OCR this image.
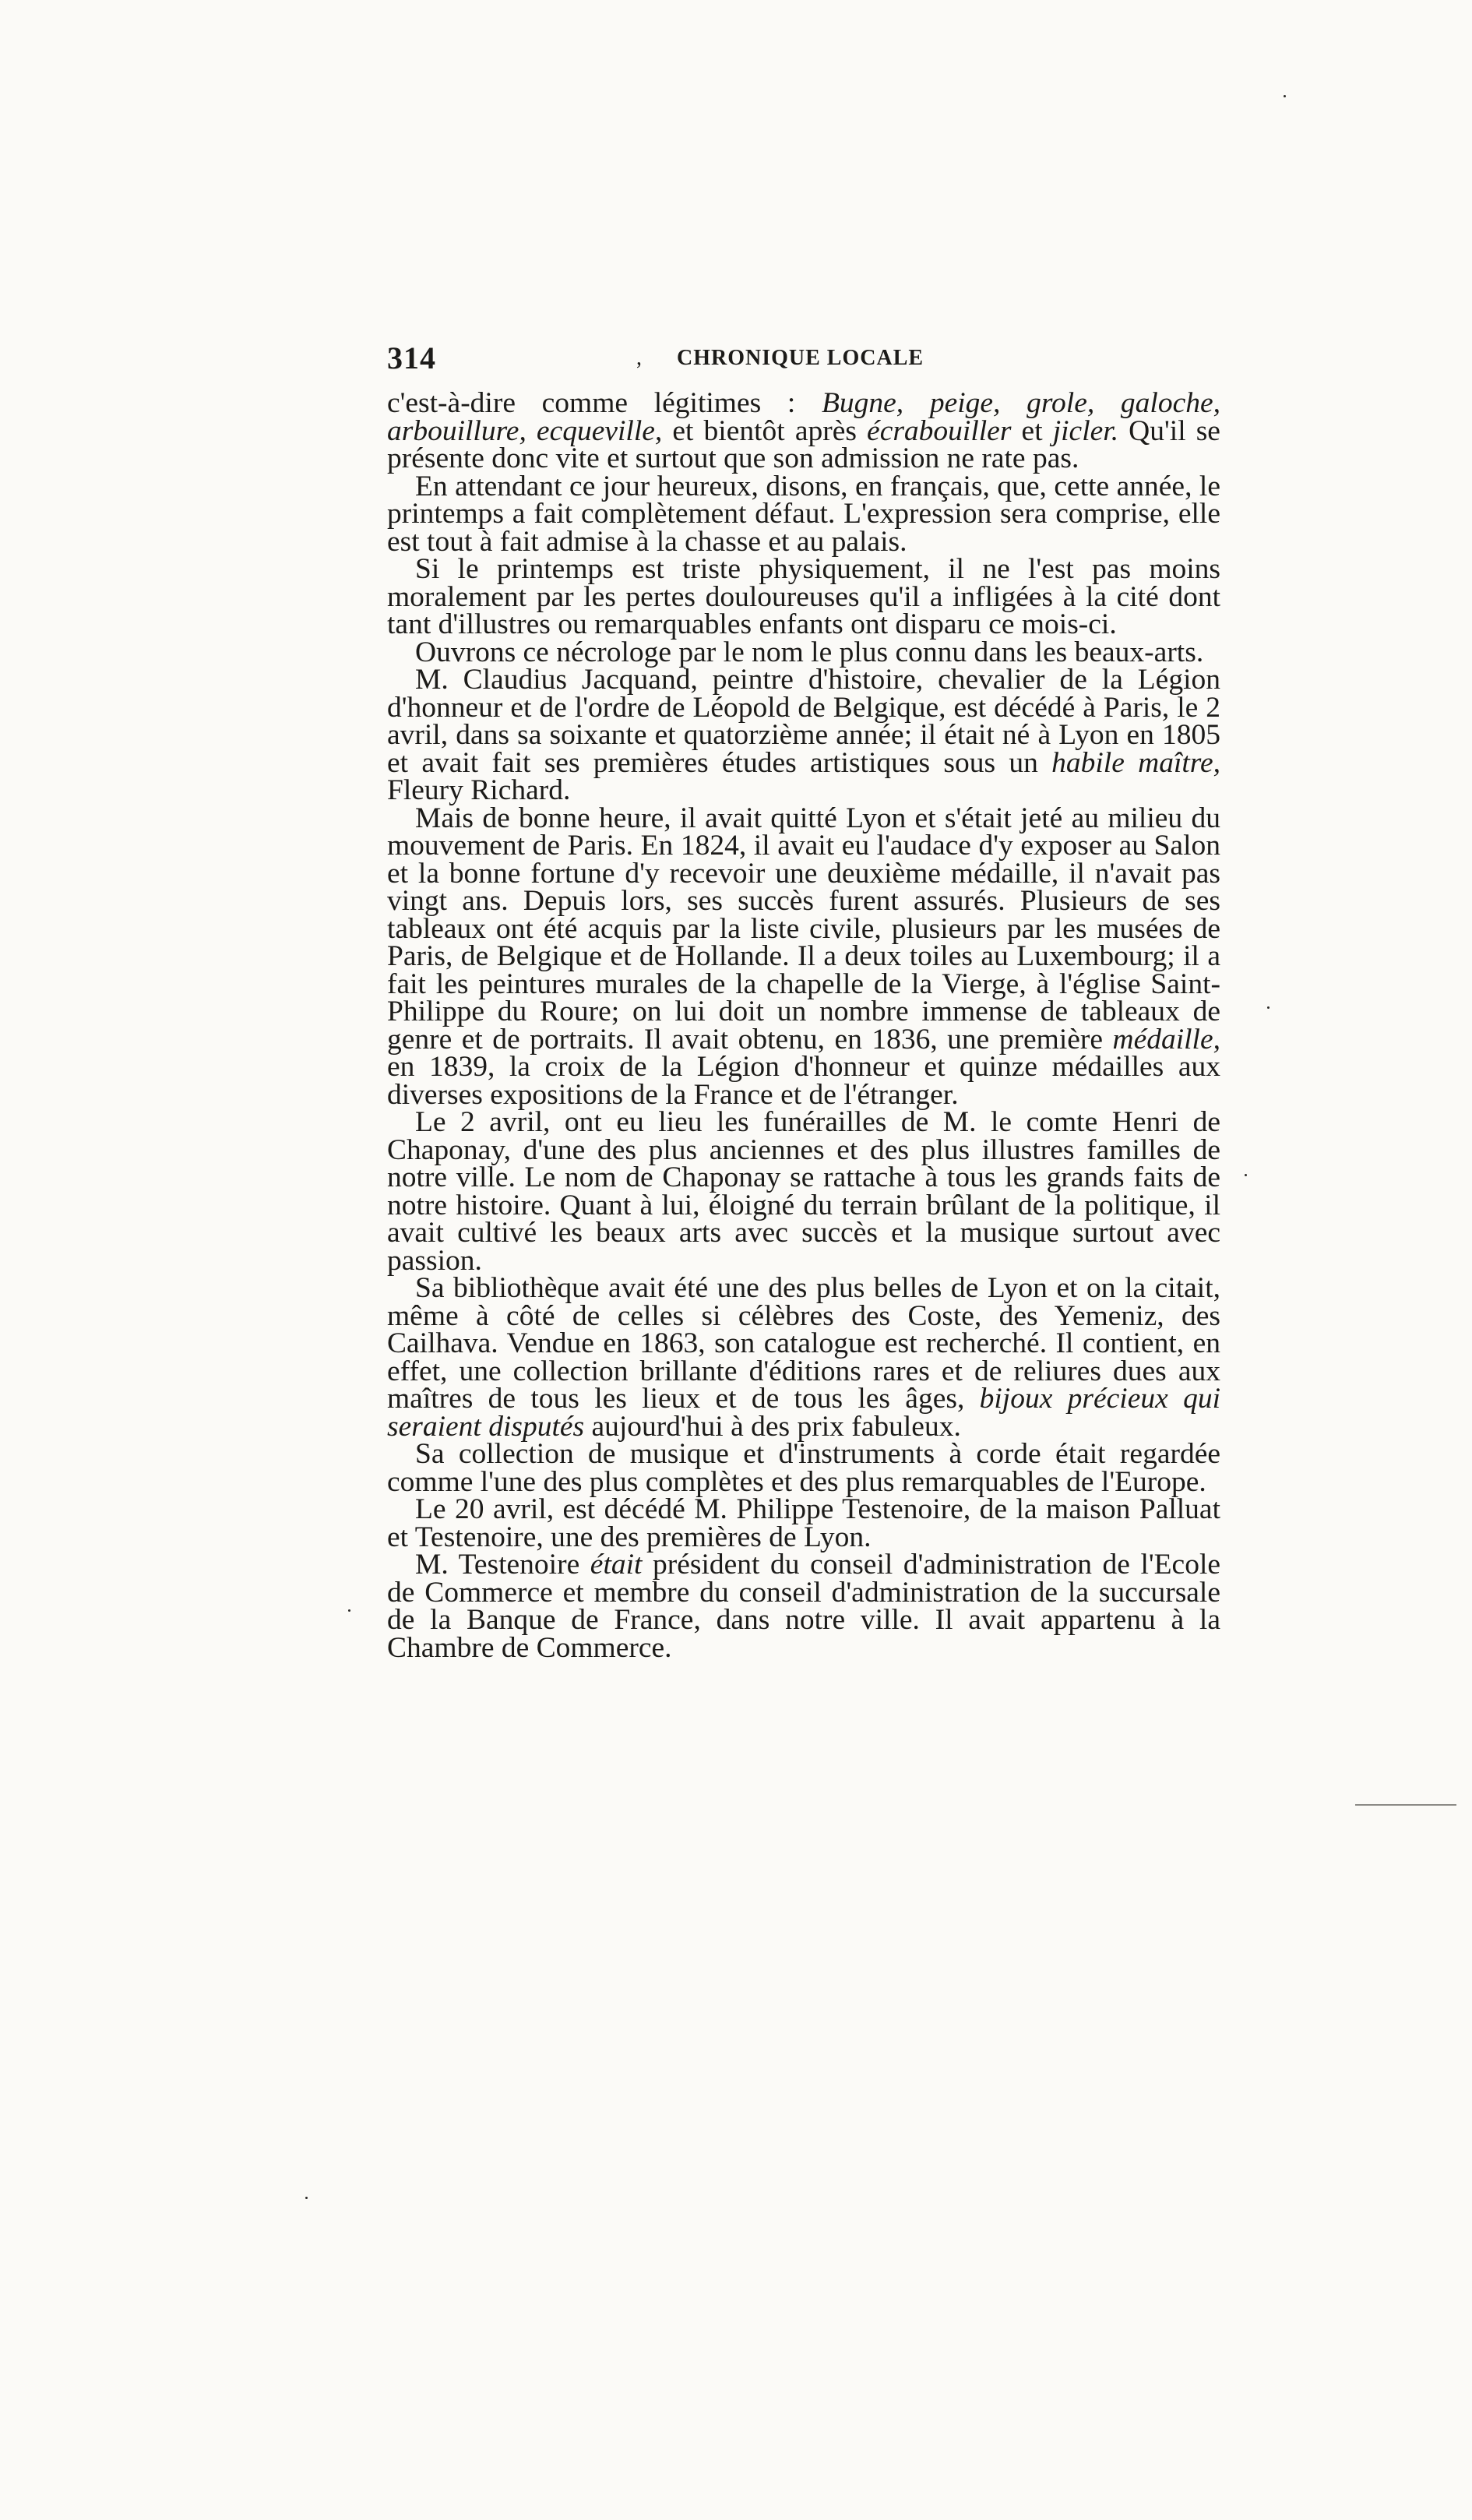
314	, CHRONIQUE LOCALE

c'est-à-dire comme légitimes : Bugne, peige, grole, galoche, arbouillure, ecqueville, et bientôt après écrabouiller et jicler. Qu'il se présente donc vite et surtout que son admission ne rate pas.

En attendant ce jour heureux, disons, en français, que, cette année, le printemps a fait complètement défaut. L'expression sera comprise, elle est tout à fait admise à la chasse et au palais.

Si le printemps est triste physiquement, il ne l'est pas moins moralement par les pertes douloureuses qu'il a infligées à la cité dont tant d'illustres ou remarquables enfants ont disparu ce mois-ci.

Ouvrons ce nécrologe par le nom le plus connu dans les beaux-arts.

M. Claudius Jacquand, peintre d'histoire, chevalier de la Légion d'honneur et de l'ordre de Léopold de Belgique, est décédé à Paris, le 2 avril, dans sa soixante et quatorzième année; il était né à Lyon en 1805 et avait fait ses premières études artistiques sous un habile maître, Fleury Richard.

Mais de bonne heure, il avait quitté Lyon et s'était jeté au milieu du mouvement de Paris. En 1824, il avait eu l'audace d'y exposer au Salon et la bonne fortune d'y recevoir une deuxième médaille, il n'avait pas vingt ans. Depuis lors, ses succès furent assurés. Plusieurs de ses tableaux ont été acquis par la liste civile, plusieurs par les musées de Paris, de Belgique et de Hollande. Il a deux toiles au Luxembourg; il a fait les peintures murales de la chapelle de la Vierge, à l'église Saint-Philippe du Roure; on lui doit un nombre immense de tableaux de genre et de portraits. Il avait obtenu, en 1836, une première médaille, en 1839, la croix de la Légion d'honneur et quinze médailles aux diverses expositions de la France et de l'étranger.

Le 2 avril, ont eu lieu les funérailles de M. le comte Henri de Chaponay, d'une des plus anciennes et des plus illustres familles de notre ville. Le nom de Chaponay se rattache à tous les grands faits de notre histoire. Quant à lui, éloigné du terrain brûlant de la politique, il avait cultivé les beaux arts avec succès et la musique surtout avec passion.

Sa bibliothèque avait été une des plus belles de Lyon et on la citait, même à côté de celles si célèbres des Coste, des Yemeniz, des Cailhava. Vendue en 1863, son catalogue est recherché. Il contient, en effet, une collection brillante d'éditions rares et de reliures dues aux maîtres de tous les lieux et de tous les âges, bijoux précieux qui seraient disputés aujourd'hui à des prix fabuleux.

Sa collection de musique et d'instruments à corde était regardée comme l'une des plus complètes et des plus remarquables de l'Europe.

Le 20 avril, est décédé M. Philippe Testenoire, de la maison Palluat et Testenoire, une des premières de Lyon.

M. Testenoire était président du conseil d'administration de l'Ecole de Commerce et membre du conseil d'administration de la succursale de la Banque de France, dans notre ville. Il avait appartenu à la Chambre de Commerce.
